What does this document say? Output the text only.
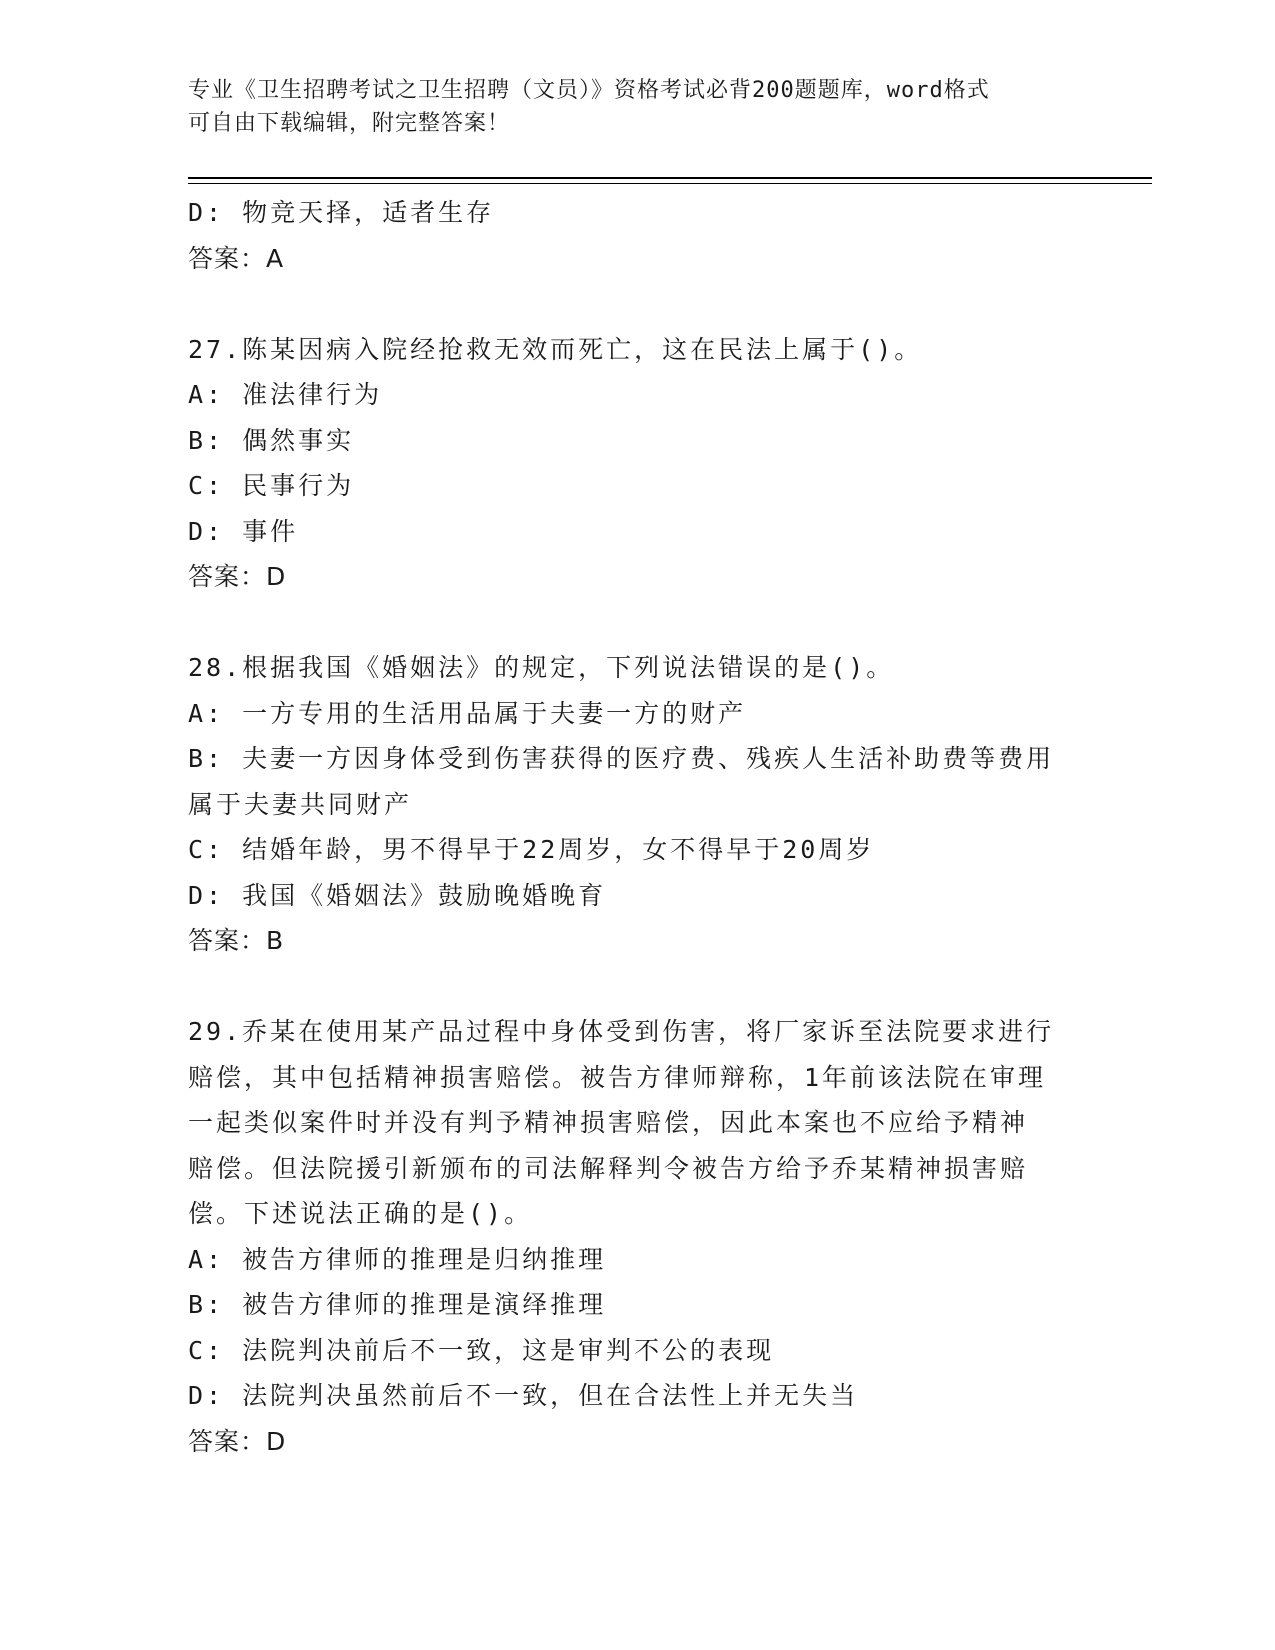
专业《卫生招聘考试之卫生招聘（文员）》资格考试必背200题题库，word格式
可自由下载编辑，附完整答案！
D: 物竞天择，适者生存
答案：A
27.陈某因病入院经抢救无效而死亡，这在民法上属于()。
A: 准法律行为
B: 偶然事实
C: 民事行为
D: 事件
答案：D
28.根据我国《婚姻法》的规定，下列说法错误的是()。
A: 一方专用的生活用品属于夫妻一方的财产
B: 夫妻一方因身体受到伤害获得的医疗费、残疾人生活补助费等费用
属于夫妻共同财产
C: 结婚年龄，男不得早于22周岁，女不得早于20周岁
D: 我国《婚姻法》鼓励晚婚晚育
答案：B
29.乔某在使用某产品过程中身体受到伤害，将厂家诉至法院要求进行
赔偿，其中包括精神损害赔偿。被告方律师辩称，1年前该法院在审理
一起类似案件时并没有判予精神损害赔偿，因此本案也不应给予精神
赔偿。但法院援引新颁布的司法解释判令被告方给予乔某精神损害赔
偿。下述说法正确的是()。
A: 被告方律师的推理是归纳推理
B: 被告方律师的推理是演绎推理
C: 法院判决前后不一致，这是审判不公的表现
D: 法院判决虽然前后不一致，但在合法性上并无失当
答案：D
